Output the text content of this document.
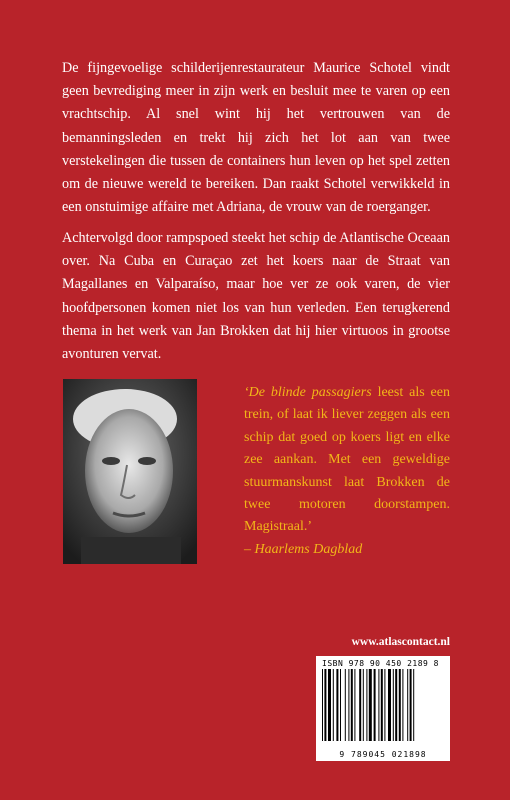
De fijngevoelige schilderijenrestaurateur Maurice Schotel vindt geen bevrediging meer in zijn werk en besluit mee te varen op een vrachtschip. Al snel wint hij het vertrouwen van de bemanningsleden en trekt hij zich het lot aan van twee verstekelingen die tussen de containers hun leven op het spel zetten om de nieuwe wereld te bereiken. Dan raakt Schotel verwikkeld in een onstuimige affaire met Adriana, de vrouw van de roerganger.

Achtervolgd door rampspoed steekt het schip de Atlantische Oceaan over. Na Cuba en Curaçao zet het koers naar de Straat van Magallanes en Valparaíso, maar hoe ver ze ook varen, de vier hoofdpersonen komen niet los van hun verleden. Een terugkerend thema in het werk van Jan Brokken dat hij hier virtuoos in grootse avonturen vervat.

‘De blinde passagiers leest als een trein, of laat ik liever zeggen als een schip dat goed op koers ligt en elke zee aankan. Met een geweldige stuurmanskunst laat Brokken de twee motoren doorstampen. Magistraal.’
– Haarlems Dagblad

www.atlascontact.nl
ISBN 978 90 450 2189 8
9 789045 021898
